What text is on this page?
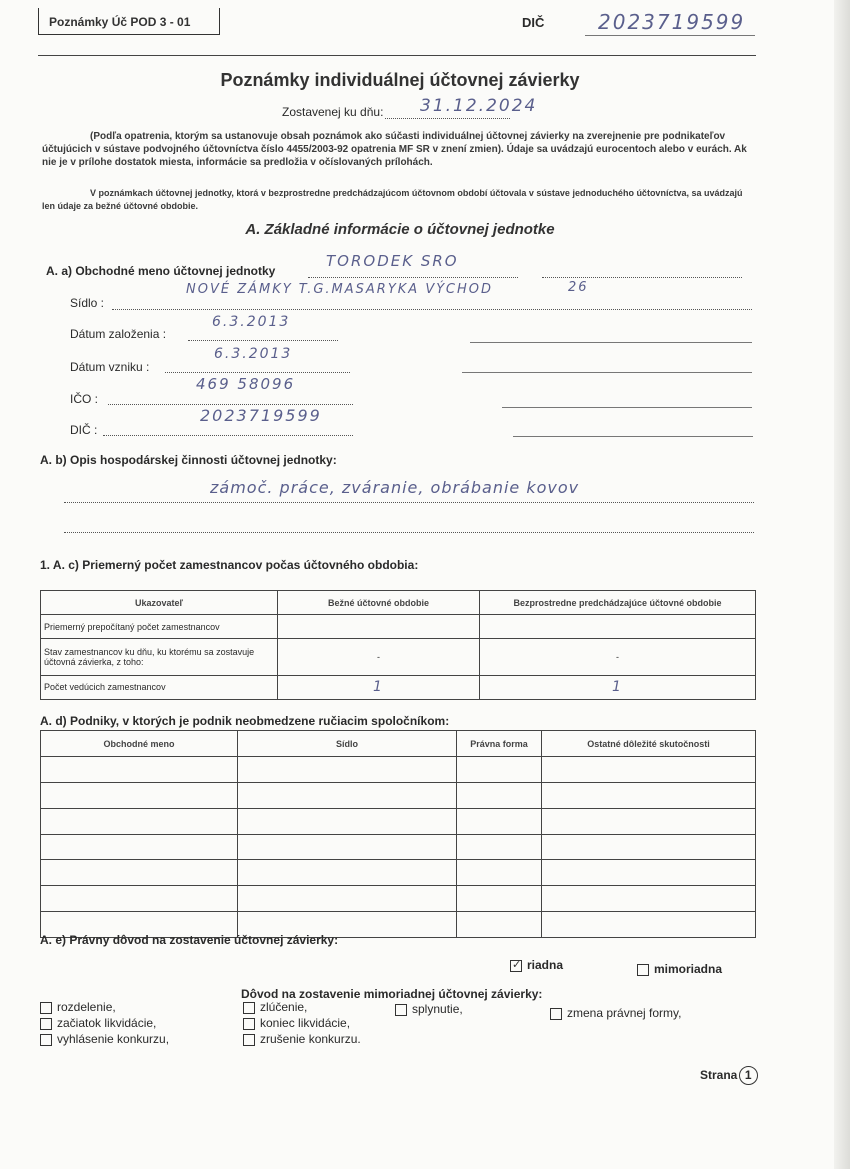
Poznámky Úč POD 3 - 01	DIČ	2023719599
Poznámky individuálnej účtovnej závierky
Zostavenej ku dňu: 31.12.2024
(Podľa opatrenia, ktorým sa ustanovuje obsah poznámok ako súčasti individuálnej účtovnej závierky na zverejnenie pre podnikateľov účtujúcich v sústave podvojného účtovníctva číslo 4455/2003-92 opatrenia MF SR v znení zmien). Údaje sa uvádzajú eurocentoch alebo v eurách. Ak nie je v prílohe dostatok miesta, informácie sa predložia v očíslovaných prílohách.
V poznámkach účtovnej jednotky, ktorá v bezprostredne predchádzajúcom účtovnom období účtovala v sústave jednoduchého účtovníctva, sa uvádzajú len údaje za bežné účtovné obdobie.
A. Základné informácie o účtovnej jednotke
A. a) Obchodné meno účtovnej jednotky
TORODEK SRO
Sídlo :
NOVÉ ZÁMKY T.G.MASARYKA VÝCHOD	26
Dátum založenia :
6.3.2013
Dátum vzniku :
6.3.2013
IČO :
469 58096
DIČ :
2023719599
A. b) Opis hospodárskej činnosti účtovnej jednotky:
zámoč. práce, zváranie, obrábanie kovov
1. A. c) Priemerný počet zamestnancov počas účtovného obdobia:
Ukazovateľ	Bežné účtovné obdobie	Bezprostredne predchádzajúce účtovné obdobie
Priemerný prepočítaný počet zamestnancov		
Stav zamestnancov ku dňu, ku ktorému sa zostavuje účtovná závierka, z toho:	-	-
Počet vedúcich zamestnancov	1	1
A. d) Podniky, v ktorých je podnik neobmedzene ručiacim spoločníkom:
Obchodné meno	Sídlo	Právna forma	Ostatné dôležité skutočnosti

A. e) Právny dôvod na zostavenie účtovnej závierky:
✓ riadna	mimoriadna
Dôvod na zostavenie mimoriadnej účtovnej závierky:
rozdelenie,
začiatok likvidácie,
vyhlásenie konkurzu,
zlúčenie,
koniec likvidácie,
zrušenie konkurzu.
splynutie,	zmena právnej formy,
Strana 1
